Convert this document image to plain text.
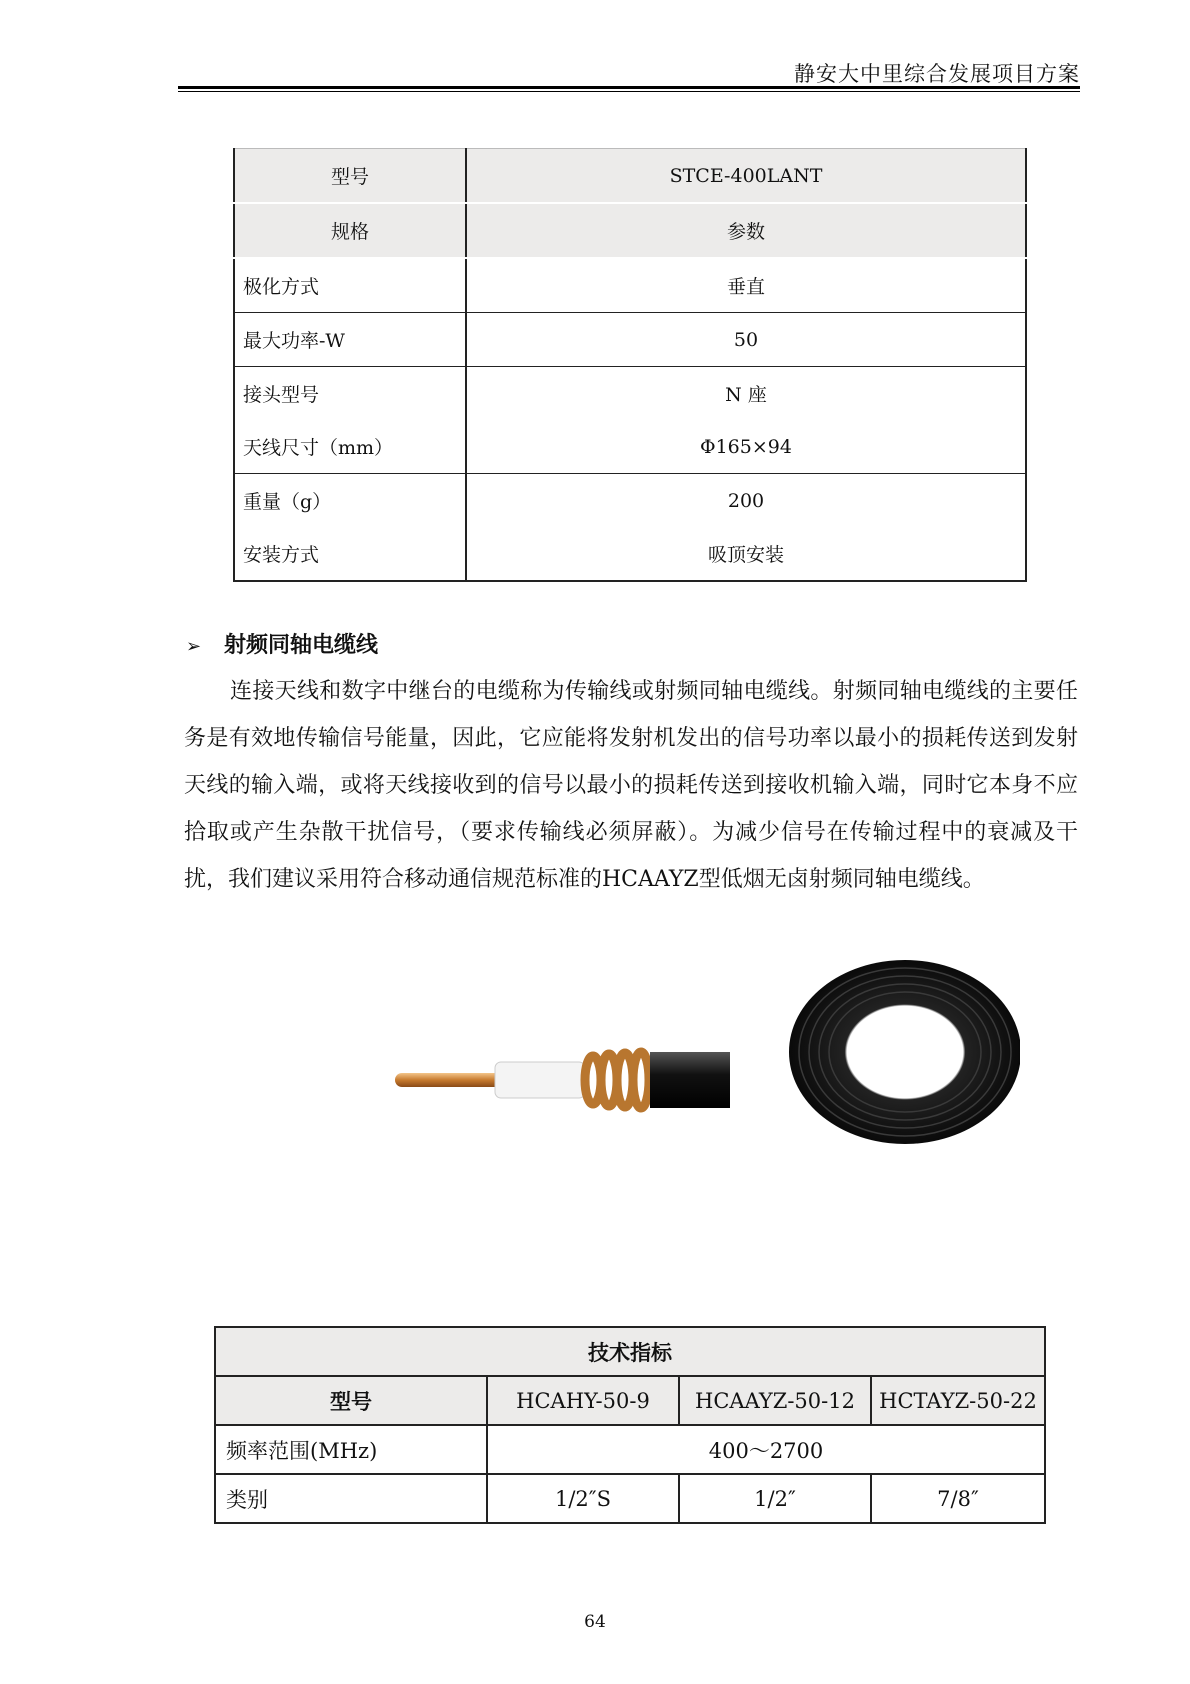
静安大中里综合发展项目方案
型号	STCE-400LANT
规格	参数
极化方式	垂直
最大功率-W	50
接头型号	N 座
天线尺寸（mm）	Φ165×94
重量（g）	200
安装方式	吸顶安装
➢ 射频同轴电缆线
连接天线和数字中继台的电缆称为传输线或射频同轴电缆线。射频同轴电缆线的主要任务是有效地传输信号能量，因此，它应能将发射机发出的信号功率以最小的损耗传送到发射天线的输入端，或将天线接收到的信号以最小的损耗传送到接收机输入端，同时它本身不应拾取或产生杂散干扰信号，（要求传输线必须屏蔽）。为减少信号在传输过程中的衰减及干扰，我们建议采用符合移动通信规范标准的HCAAYZ型低烟无卤射频同轴电缆线。
技术指标			
型号	HCAHY-50-9	HCAAYZ-50-12	HCTAYZ-50-22
频率范围(MHz)	400～2700		
类别	1/2″S	1/2″	7/8″
64
